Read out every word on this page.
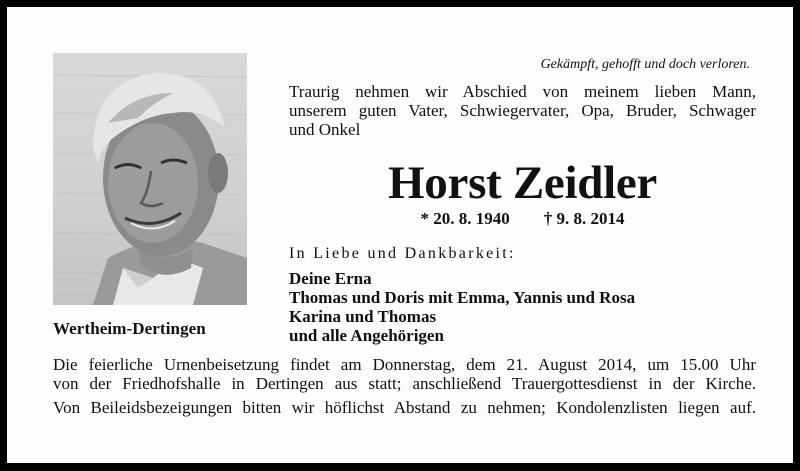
Wertheim-Dertingen
Gekämpft, gehofft und doch verloren.
Traurig nehmen wir Abschied von meinem lieben Mann,
unserem guten Vater, Schwiegervater, Opa, Bruder, Schwager
und Onkel
Horst Zeidler
* 20. 8. 1940 † 9. 8. 2014
In Liebe und Dankbarkeit:
Deine Erna
Thomas und Doris mit Emma, Yannis und Rosa
Karina und Thomas
und alle Angehörigen
Die feierliche Urnenbeisetzung findet am Donnerstag, dem 21. August 2014, um 15.00 Uhr
von der Friedhofshalle in Dertingen aus statt; anschließend Trauergottesdienst in der Kirche.
Von Beileidsbezeigungen bitten wir höflichst Abstand zu nehmen; Kondolenzlisten liegen auf.
